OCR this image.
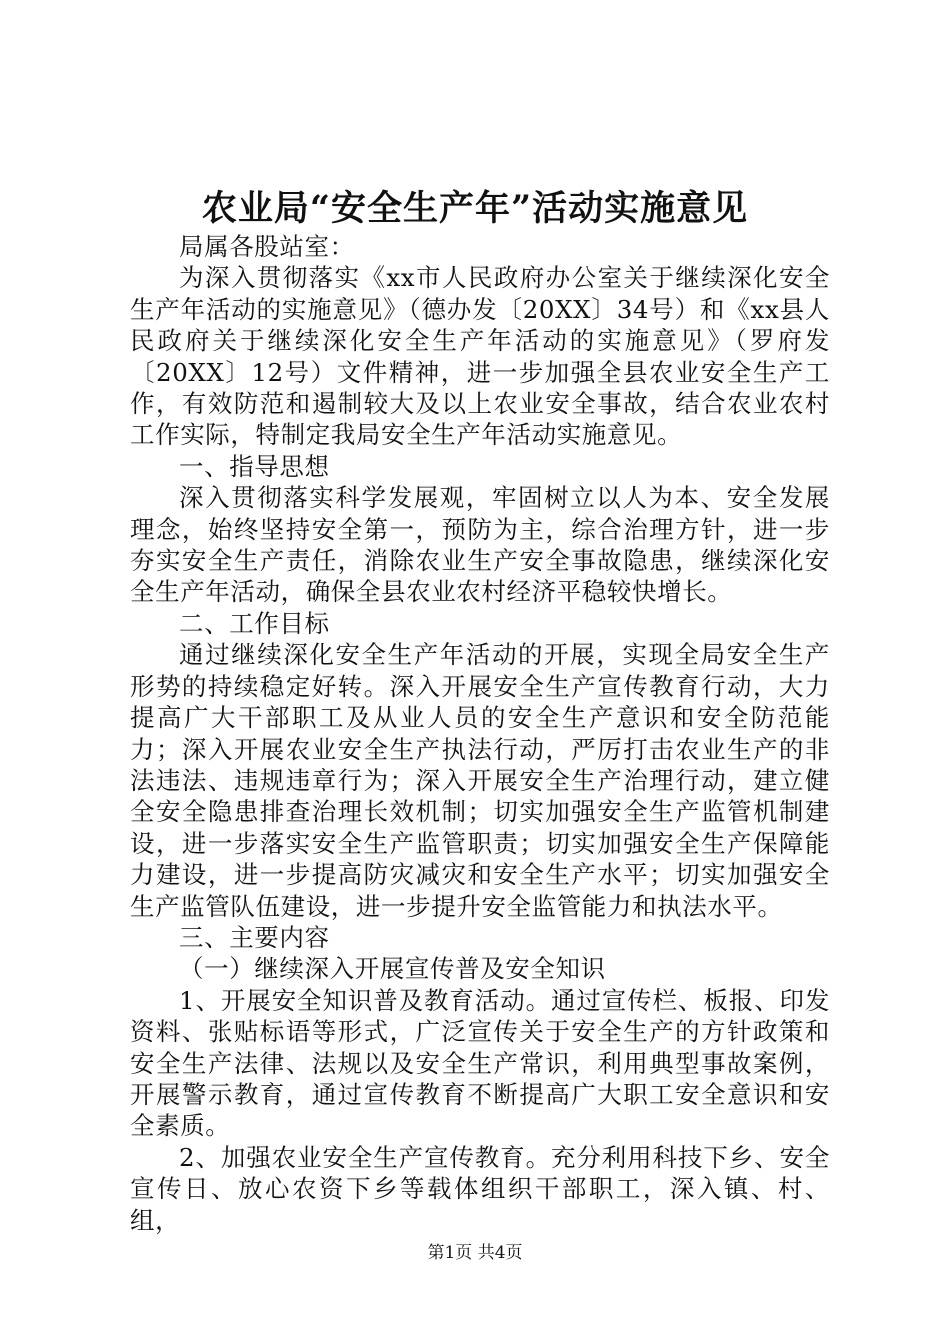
农业局“安全生产年”活动实施意见

局属各股站室：

为深入贯彻落实《xx市人民政府办公室关于继续深化安全生产年活动的实施意见》（德办发〔20XX〕34号）和《xx县人民政府关于继续深化安全生产年活动的实施意见》（罗府发〔20XX〕12号）文件精神，进一步加强全县农业安全生产工作，有效防范和遏制较大及以上农业安全事故，结合农业农村工作实际，特制定我局安全生产年活动实施意见。

一、指导思想

深入贯彻落实科学发展观，牢固树立以人为本、安全发展理念，始终坚持安全第一，预防为主，综合治理方针，进一步夯实安全生产责任，消除农业生产安全事故隐患，继续深化安全生产年活动，确保全县农业农村经济平稳较快增长。

二、工作目标

通过继续深化安全生产年活动的开展，实现全局安全生产形势的持续稳定好转。深入开展安全生产宣传教育行动，大力提高广大干部职工及从业人员的安全生产意识和安全防范能力；深入开展农业安全生产执法行动，严厉打击农业生产的非法违法、违规违章行为；深入开展安全生产治理行动，建立健全安全隐患排查治理长效机制；切实加强安全生产监管机制建设，进一步落实安全生产监管职责；切实加强安全生产保障能力建设，进一步提高防灾减灾和安全生产水平；切实加强安全生产监管队伍建设，进一步提升安全监管能力和执法水平。

三、主要内容

（一）继续深入开展宣传普及安全知识

1、开展安全知识普及教育活动。通过宣传栏、板报、印发资料、张贴标语等形式，广泛宣传关于安全生产的方针政策和安全生产法律、法规以及安全生产常识，利用典型事故案例，开展警示教育，通过宣传教育不断提高广大职工安全意识和安全素质。

2、加强农业安全生产宣传教育。充分利用科技下乡、安全宣传日、放心农资下乡等载体组织干部职工，深入镇、村、组，

第1页 共4页
